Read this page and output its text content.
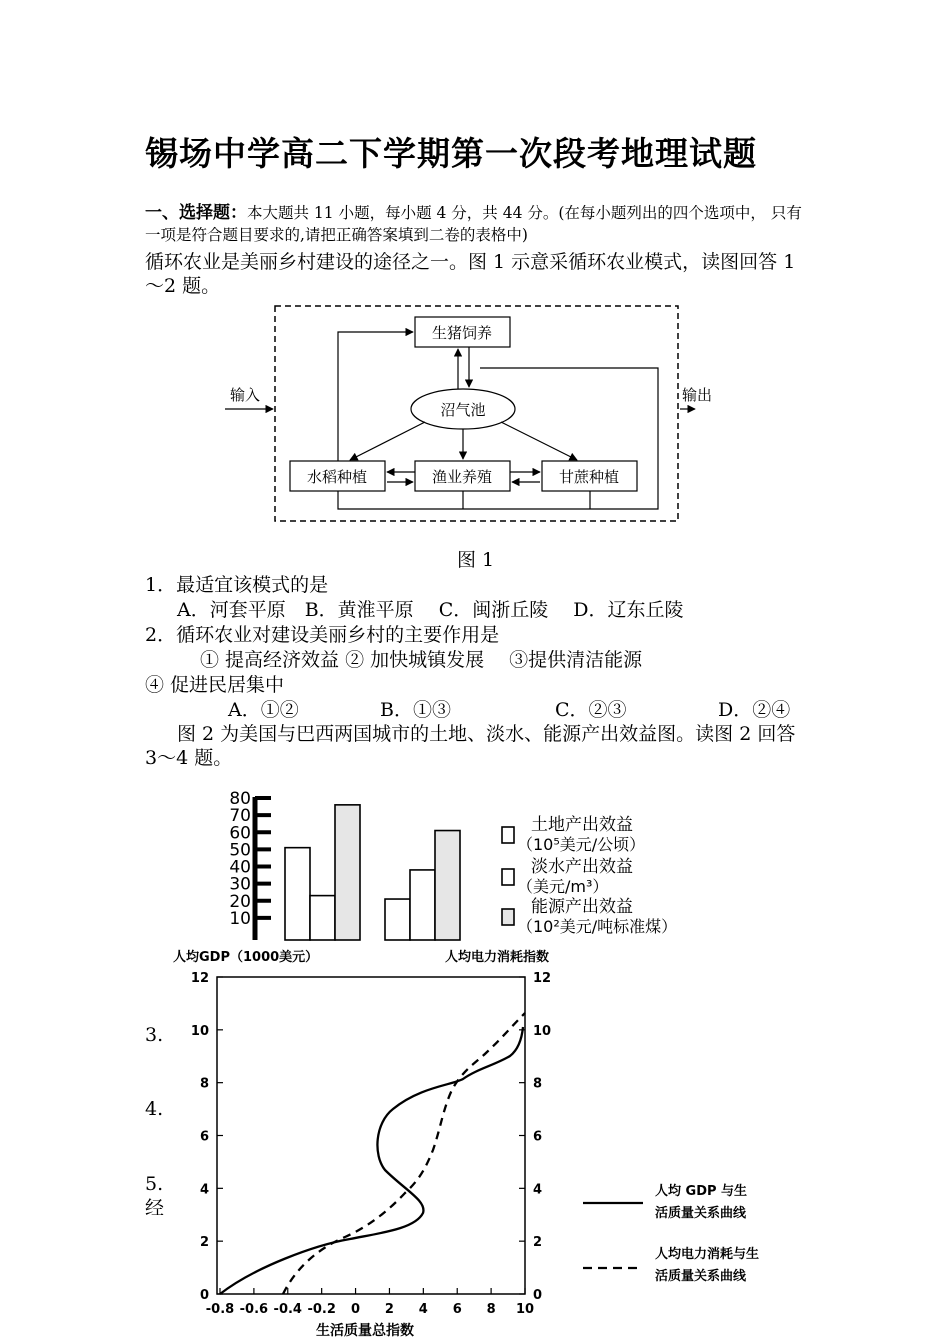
锡场中学高二下学期第一次段考地理试题
一、选择题：本大题共 11 小题，每小题 4 分，共 44 分。(在每小题列出的四个选项中， 只有一项是符合题目要求的,请把正确答案填到二卷的表格中)
循环农业是美丽乡村建设的途径之一。图 1 示意采循环农业模式，读图回答 1～2 题。
生猪饲养
沼气池
水稻种植	渔业养殖	甘蔗种植
输入	输出
图 1
1．最适宜该模式的是
A．河套平原　B．黄淮平原　 C．闽浙丘陵　 D．辽东丘陵
2．循环农业对建设美丽乡村的主要作用是
① 提高经济效益 ② 加快城镇发展　 ③提供清洁能源
④ 促进民居集中
A．①②	B．①③	C．②③	D．②④
图 2 为美国与巴西两国城市的土地、淡水、能源产出效益图。读图 2 回答 3～4 题。
80
70
60
50
40
30
20
10
土地产出效益
（10⁵美元/公顷）
淡水产出效益
（美元/m³）
能源产出效益
（10²美元/吨标准煤）
人均GDP（1000美元）	人均电力消耗指数
0	0
2	2
4	4
6	6
8	8
10	10
12	12
-0.8 -0.6 -0.4 -0.2 0 2 4 6 8 10
生活质量总指数
人均 GDP 与生
活质量关系曲线
人均电力消耗与生
活质量关系曲线
3.
4.
5.
经
